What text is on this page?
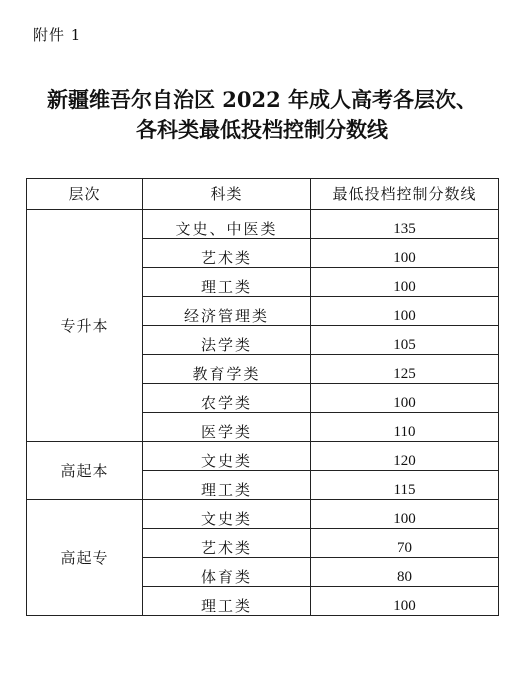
附件 1
新疆维吾尔自治区 2022 年成人高考各层次、
各科类最低投档控制分数线
层次	科类	最低投档控制分数线
专升本	文史、中医类	135
	艺术类	100
	理工类	100
	经济管理类	100
	法学类	105
	教育学类	125
	农学类	100
	医学类	110
高起本	文史类	120
	理工类	115
高起专	文史类	100
	艺术类	70
	体育类	80
	理工类	100
